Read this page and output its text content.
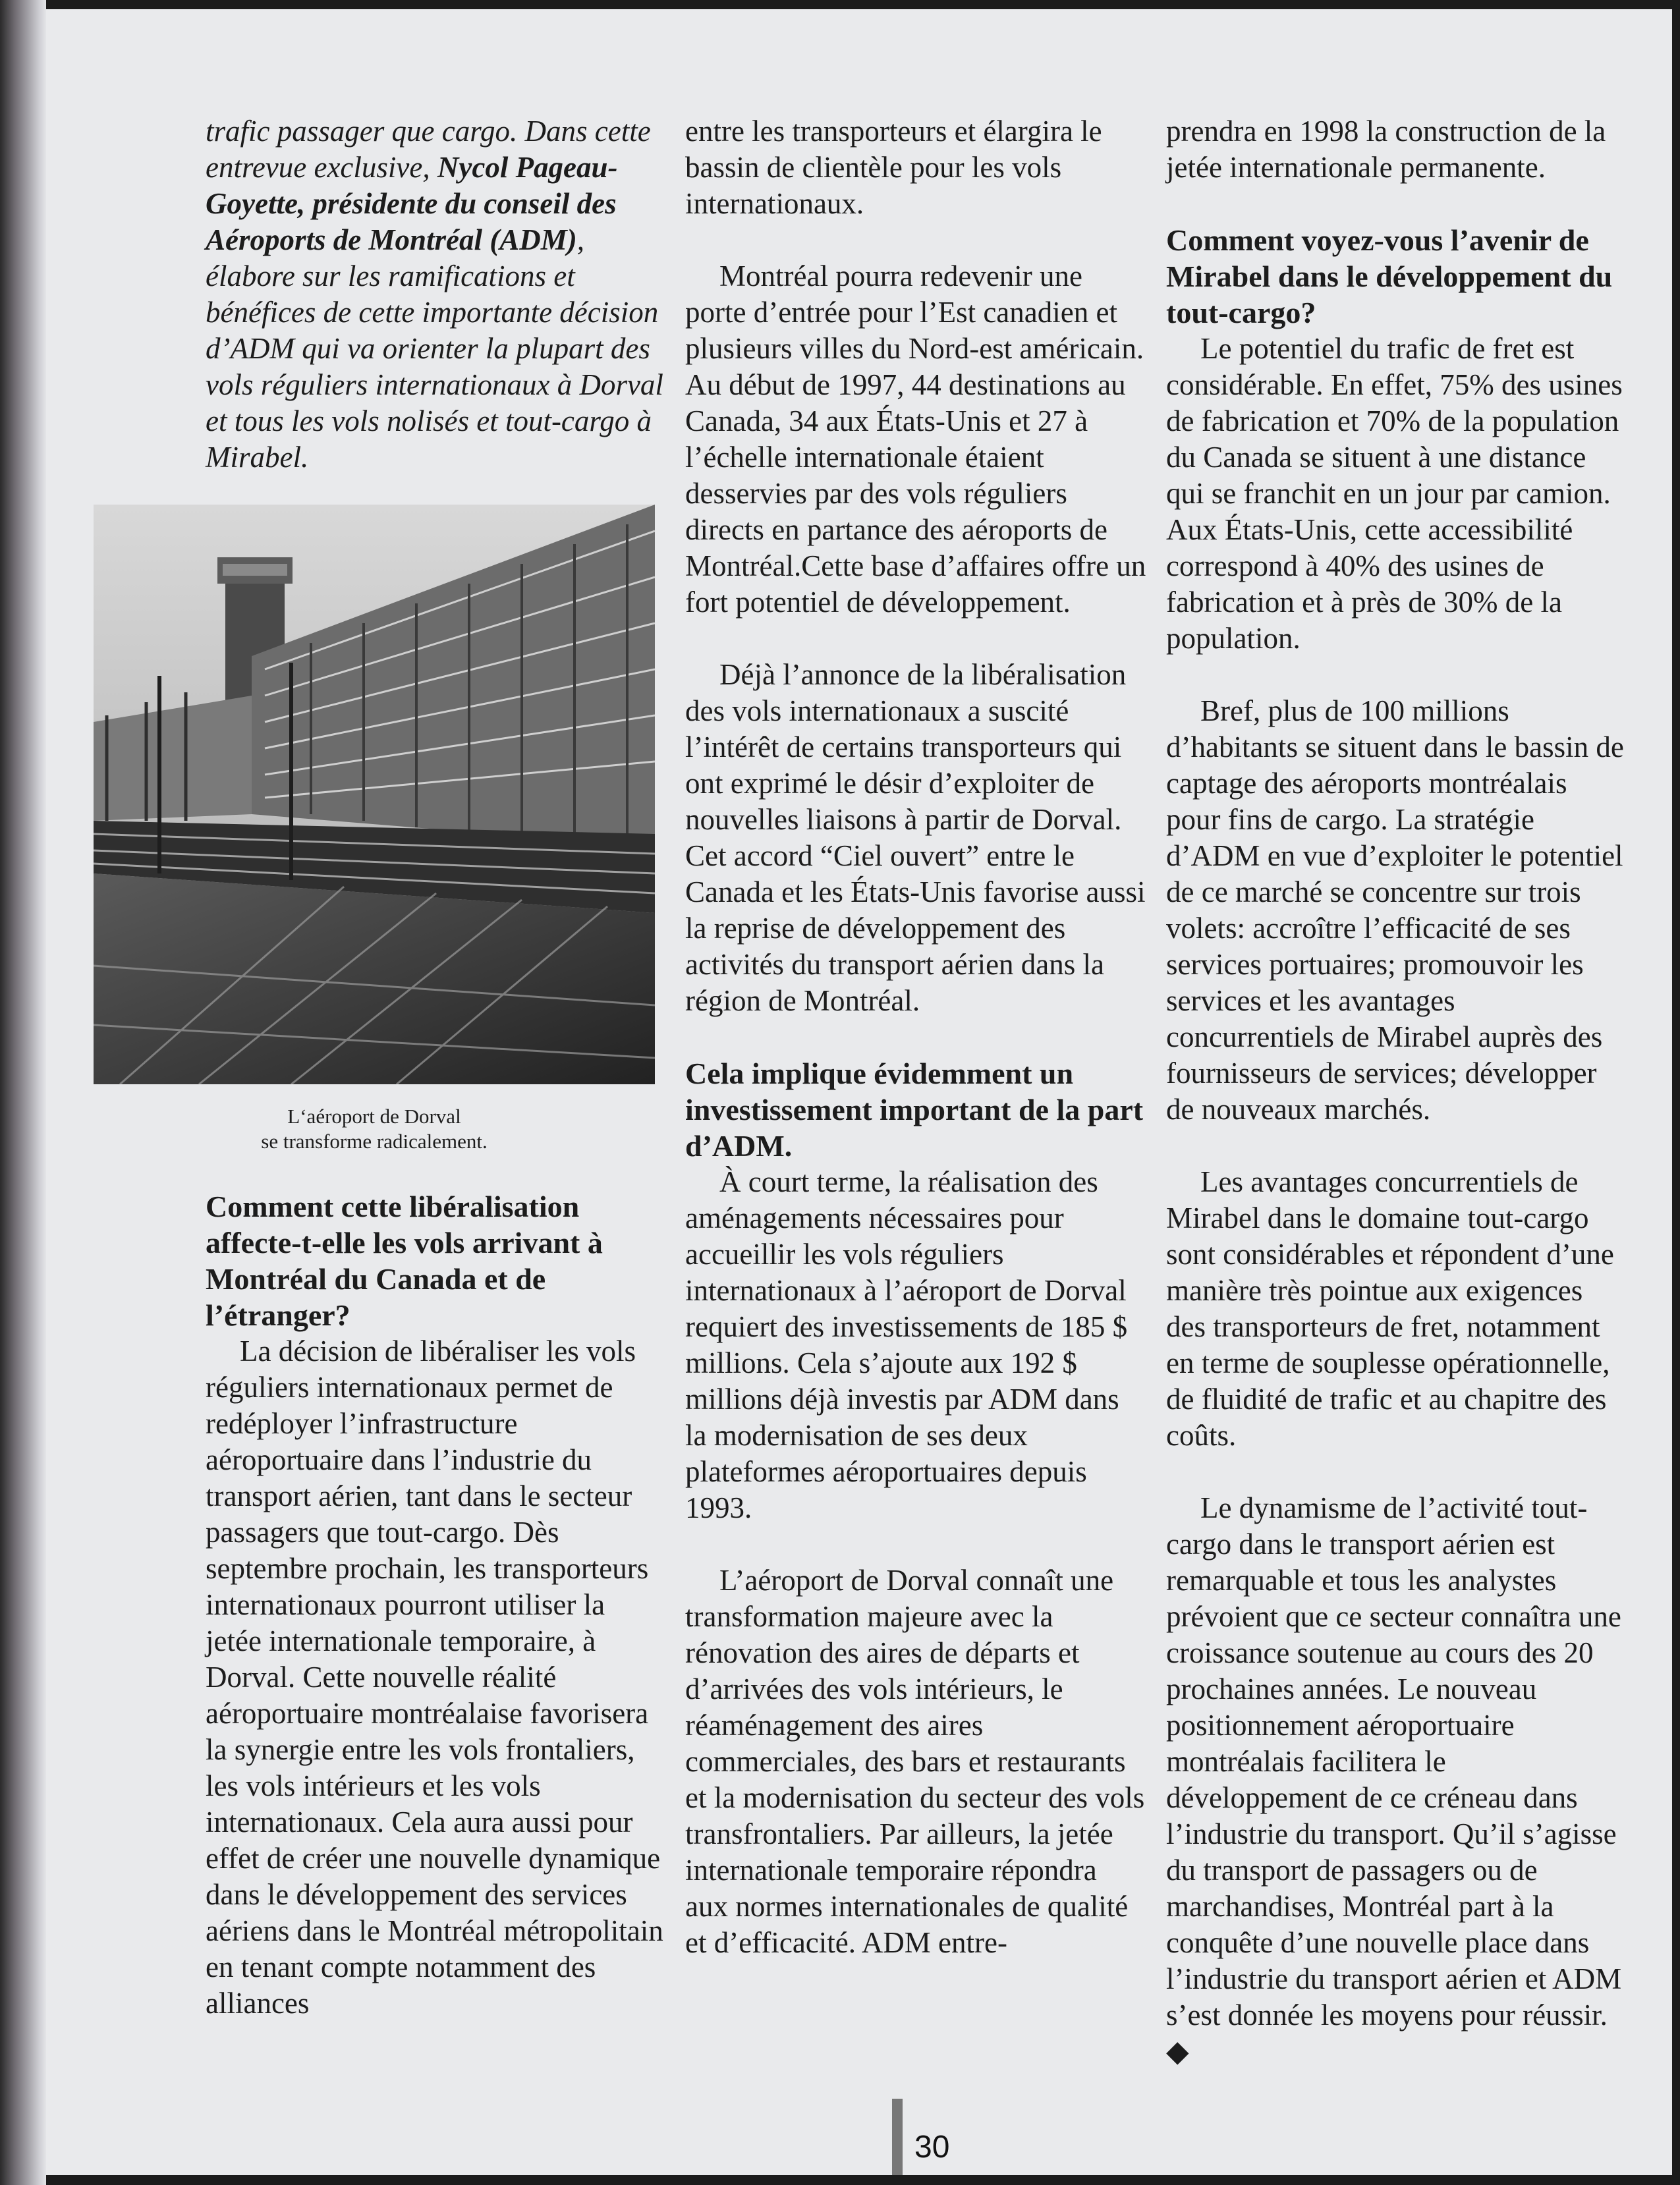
trafic passager que cargo. Dans cette entrevue exclusive, Nycol Pageau-Goyette, présidente du conseil des Aéroports de Montréal (ADM), élabore sur les ramifications et bénéfices de cette importante décision d’ADM qui va orienter la plupart des vols réguliers internationaux à Dorval et tous les vols nolisés et tout-cargo à Mirabel.

L‘aéroport de Dorval
se transforme radicalement.

Comment cette libéralisation affecte-t-elle les vols arrivant à Montréal du Canada et de l’étranger?

La décision de libéraliser les vols réguliers internationaux permet de redéployer l’infrastructure aéroportuaire dans l’industrie du transport aérien, tant dans le secteur passagers que tout-cargo. Dès septembre prochain, les transporteurs internationaux pourront utiliser la jetée internationale temporaire, à Dorval. Cette nouvelle réalité aéroportuaire montréalaise favorisera la synergie entre les vols frontaliers, les vols intérieurs et les vols internationaux. Cela aura aussi pour effet de créer une nouvelle dynamique dans le développement des services aériens dans le Montréal métropolitain en tenant compte notamment des alliances

entre les transporteurs et élargira le bassin de clientèle pour les vols internationaux.

Montréal pourra redevenir une porte d’entrée pour l’Est canadien et plusieurs villes du Nord-est américain. Au début de 1997, 44 destinations au Canada, 34 aux États-Unis et 27 à l’échelle internationale étaient desservies par des vols réguliers directs en partance des aéroports de Montréal.Cette base d’affaires offre un fort potentiel de développement.

Déjà l’annonce de la libéralisation des vols internationaux a suscité l’intérêt de certains transporteurs qui ont exprimé le désir d’exploiter de nouvelles liaisons à partir de Dorval. Cet accord “Ciel ouvert” entre le Canada et les États-Unis favorise aussi la reprise de développement des activités du transport aérien dans la région de Montréal.

Cela implique évidemment un investissement important de la part d’ADM.

À court terme, la réalisation des aménagements nécessaires pour accueillir les vols réguliers internationaux à l’aéroport de Dorval requiert des investissements de 185 $ millions. Cela s’ajoute aux 192 $ millions déjà investis par ADM dans la modernisation de ses deux plateformes aéroportuaires depuis 1993.

L’aéroport de Dorval connaît une transformation majeure avec la rénovation des aires de départs et d’arrivées des vols intérieurs, le réaménagement des aires commerciales, des bars et restaurants et la modernisation du secteur des vols transfrontaliers. Par ailleurs, la jetée internationale temporaire répondra aux normes internationales de qualité et d’efficacité. ADM entre-

prendra en 1998 la construction de la jetée internationale permanente.

Comment voyez-vous l’avenir de Mirabel dans le développement du tout-cargo?

Le potentiel du trafic de fret est considérable. En effet, 75% des usines de fabrication et 70% de la population du Canada se situent à une distance qui se franchit en un jour par camion. Aux États-Unis, cette accessibilité correspond à 40% des usines de fabrication et à près de 30% de la population.

Bref, plus de 100 millions d’habitants se situent dans le bassin de captage des aéroports montréalais pour fins de cargo. La stratégie d’ADM en vue d’exploiter le potentiel de ce marché se concentre sur trois volets: accroître l’efficacité de ses services portuaires; promouvoir les services et les avantages concurrentiels de Mirabel auprès des fournisseurs de services; développer de nouveaux marchés.

Les avantages concurrentiels de Mirabel dans le domaine tout-cargo sont considérables et répondent d’une manière très pointue aux exigences des transporteurs de fret, notamment en terme de souplesse opérationnelle, de fluidité de trafic et au chapitre des coûts.

Le dynamisme de l’activité tout-cargo dans le transport aérien est remarquable et tous les analystes prévoient que ce secteur connaîtra une croissance soutenue au cours des 20 prochaines années. Le nouveau positionnement aéroportuaire montréalais facilitera le développement de ce créneau dans l’industrie du transport. Qu’il s’agisse du transport de passagers ou de marchandises, Montréal part à la conquête d’une nouvelle place dans l’industrie du transport aérien et ADM s’est donnée les moyens pour réussir. ◆

30
